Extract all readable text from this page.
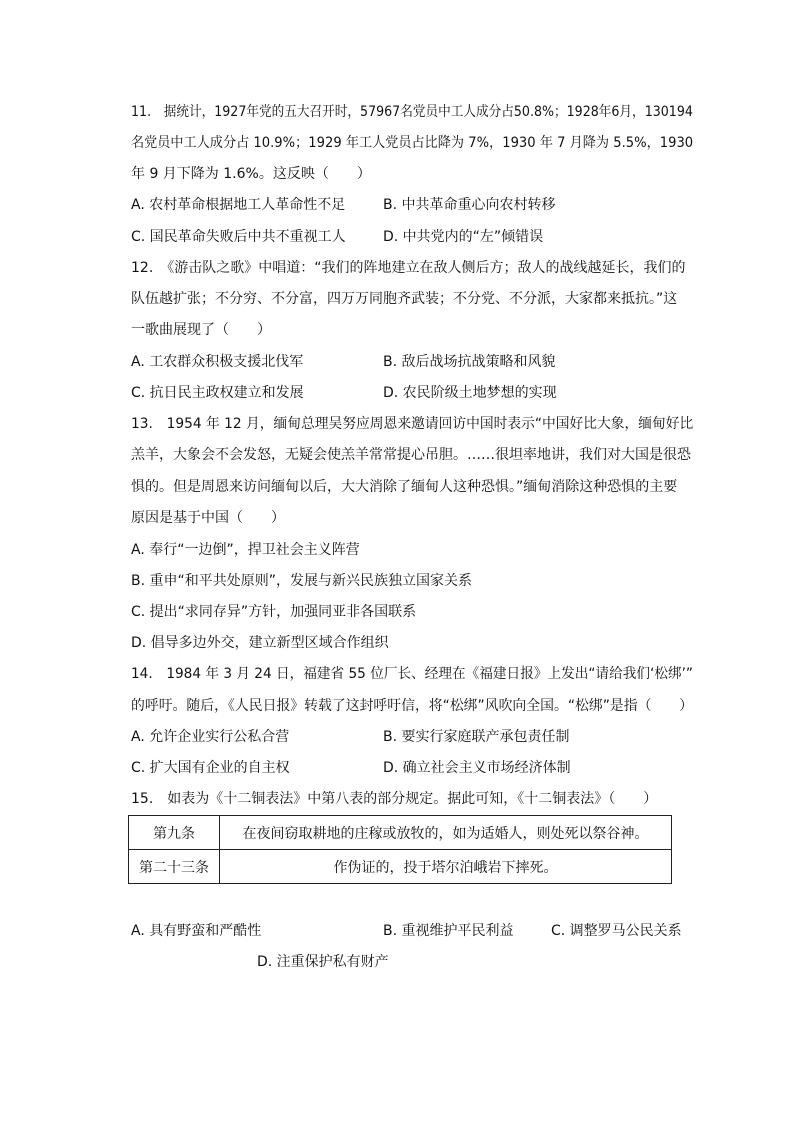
11.　据统计，1927年党的五大召开时，57967名党员中工人成分占50.8%；1928年6月，130194
名党员中工人成分占 10.9%；1929 年工人党员占比降为 7%，1930 年 7 月降为 5.5%，1930
年 9 月下降为 1.6%。这反映（　　）
A. 农村革命根据地工人革命性不足	B. 中共革命重心向农村转移
C. 国民革命失败后中共不重视工人	D. 中共党内的“左”倾错误
12.　《游击队之歌》中唱道：“我们的阵地建立在敌人侧后方；敌人的战线越延长，我们的
队伍越扩张；不分穷、不分富，四万万同胞齐武装；不分党、不分派，大家都来抵抗。”这
一歌曲展现了（　　）
A. 工农群众积极支援北伐军	B. 敌后战场抗战策略和风貌
C. 抗日民主政权建立和发展	D. 农民阶级土地梦想的实现
13.　1954 年 12 月，缅甸总理吴努应周恩来邀请回访中国时表示“中国好比大象，缅甸好比
羔羊，大象会不会发怒，无疑会使羔羊常常提心吊胆。……很坦率地讲，我们对大国是很恐
惧的。但是周恩来访问缅甸以后，大大消除了缅甸人这种恐惧。”缅甸消除这种恐惧的主要
原因是基于中国（　　）
A. 奉行“一边倒”，捍卫社会主义阵营
B. 重申“和平共处原则”，发展与新兴民族独立国家关系
C. 提出“求同存异”方针，加强同亚非各国联系
D. 倡导多边外交，建立新型区域合作组织
14.　1984 年 3 月 24 日，福建省 55 位厂长、经理在《福建日报》上发出“请给我们‘松绑’”
的呼吁。随后，《人民日报》转载了这封呼吁信，将“松绑”风吹向全国。“松绑”是指（　　）
A. 允许企业实行公私合营	B. 要实行家庭联产承包责任制
C. 扩大国有企业的自主权	D. 确立社会主义市场经济体制
15.　如表为《十二铜表法》中第八表的部分规定。据此可知，《十二铜表法》（　　）
第九条	在夜间窃取耕地的庄稼或放牧的，如为适婚人，则处死以祭谷神。
第二十三条	作伪证的，投于塔尔泊峨岩下摔死。
A. 具有野蛮和严酷性	B. 重视维护平民利益	C. 调整罗马公民关系
D. 注重保护私有财产
